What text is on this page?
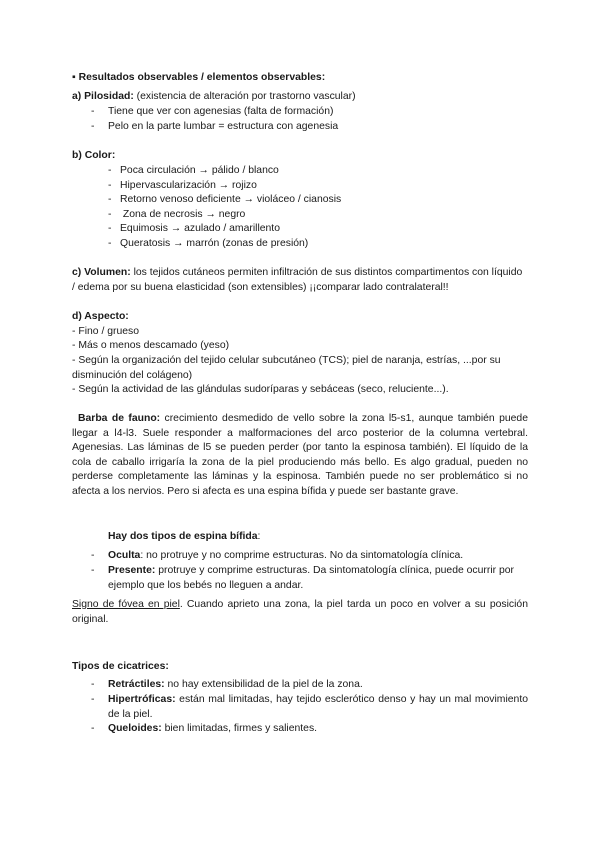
▪ Resultados observables / elementos observables:
a) Pilosidad: (existencia de alteración por trastorno vascular)
- Tiene que ver con agenesias (falta de formación)
- Pelo en la parte lumbar = estructura con agenesia
b) Color:
- Poca circulación → pálido / blanco
- Hipervascularización → rojizo
- Retorno venoso deficiente → violáceo / cianosis
- Zona de necrosis → negro
- Equimosis → azulado / amarillento
- Queratosis → marrón (zonas de presión)
c) Volumen: los tejidos cutáneos permiten infiltración de sus distintos compartimentos con líquido / edema por su buena elasticidad (son extensibles) ¡¡comparar lado contralateral!!
d) Aspecto:
- Fino / grueso
- Más o menos descamado (yeso)
- Según la organización del tejido celular subcutáneo (TCS); piel de naranja, estrías, ...por su disminución del colágeno)
- Según la actividad de las glándulas sudoríparas y sebáceas (seco, reluciente...).
Barba de fauno: crecimiento desmedido de vello sobre la zona l5-s1, aunque también puede llegar a l4-l3. Suele responder a malformaciones del arco posterior de la columna vertebral. Agenesias. Las láminas de l5 se pueden perder (por tanto la espinosa también). El líquido de la cola de caballo irrigaría la zona de la piel produciendo más bello. Es algo gradual, pueden no perderse completamente las láminas y la espinosa. También puede no ser problemático si no afecta a los nervios. Pero si afecta es una espina bífida y puede ser bastante grave.
Hay dos tipos de espina bífida:
- Oculta: no protruye y no comprime estructuras. No da sintomatología clínica.
- Presente: protruye y comprime estructuras. Da sintomatología clínica, puede ocurrir por ejemplo que los bebés no lleguen a andar.
Signo de fóvea en piel. Cuando aprieto una zona, la piel tarda un poco en volver a su posición original.
Tipos de cicatrices:
- Retráctiles: no hay extensibilidad de la piel de la zona.
- Hipertróficas: están mal limitadas, hay tejido esclerótico denso y hay un mal movimiento de la piel.
- Queloides: bien limitadas, firmes y salientes.
